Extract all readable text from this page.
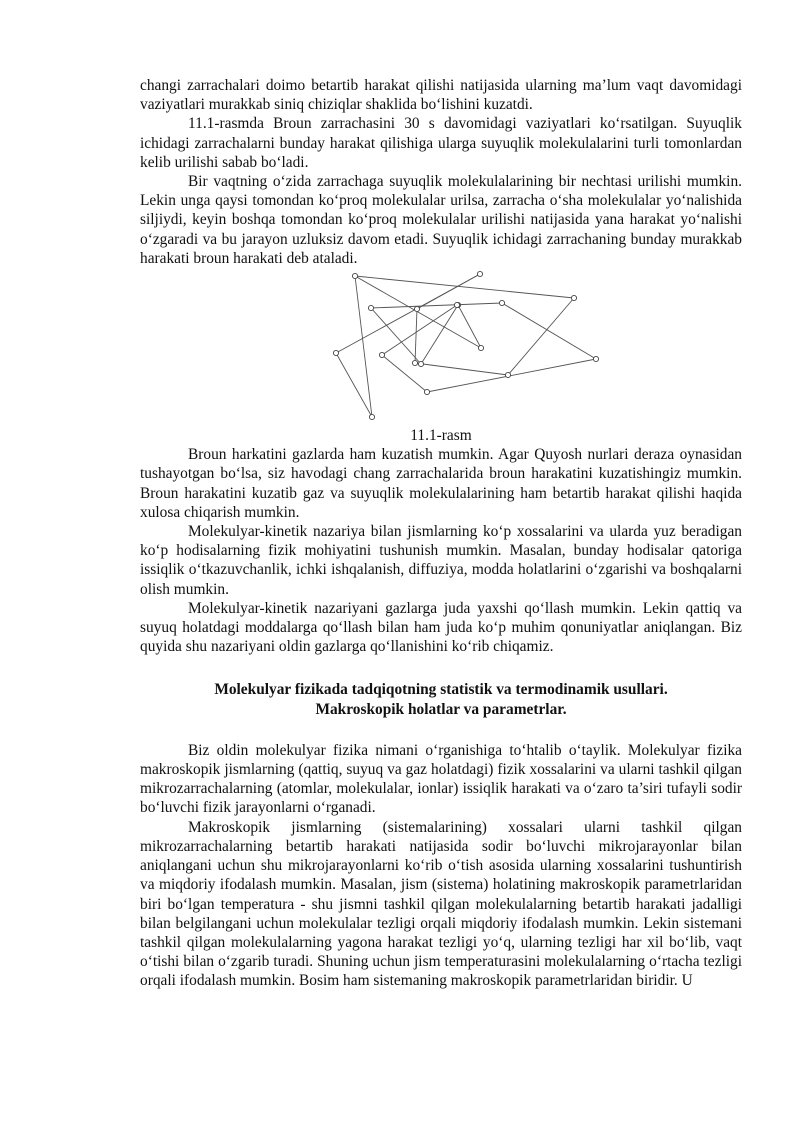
changi zarrachalari doimo betartib harakat qilishi natijasida ularning ma’lum vaqt davomidagi vaziyatlari murakkab siniq chiziqlar shaklida bo‘lishini kuzatdi.

11.1-rasmda Broun zarrachasini 30 s davomidagi vaziyatlari ko‘rsatilgan. Suyuqlik ichidagi zarrachalarni bunday harakat qilishiga ularga suyuqlik molekulalarini turli tomonlardan kelib urilishi sabab bo‘ladi.

Bir vaqtning o‘zida zarrachaga suyuqlik molekulalarining bir nechtasi urilishi mumkin. Lekin unga qaysi tomondan ko‘proq molekulalar urilsa, zarracha o‘sha molekulalar yo‘nalishida siljiydi, keyin boshqa tomondan ko‘proq molekulalar urilishi natijasida yana harakat yo‘nalishi o‘zgaradi va bu jarayon uzluksiz davom etadi. Suyuqlik ichidagi zarrachaning bunday murakkab harakati broun harakati deb ataladi.

11.1-rasm

Broun harkatini gazlarda ham kuzatish mumkin. Agar Quyosh nurlari deraza oynasidan tushayotgan bo‘lsa, siz havodagi chang zarrachalarida broun harakatini kuzatishingiz mumkin. Broun harakatini kuzatib gaz va suyuqlik molekulalarining ham betartib harakat qilishi haqida xulosa chiqarish mumkin.

Molekulyar-kinetik nazariya bilan jismlarning ko‘p xossalarini va ularda yuz beradigan ko‘p hodisalarning fizik mohiyatini tushunish mumkin. Masalan, bunday hodisalar qatoriga issiqlik o‘tkazuvchanlik, ichki ishqalanish, diffuziya, modda holatlarini o‘zgarishi va boshqalarni olish mumkin.

Molekulyar-kinetik nazariyani gazlarga juda yaxshi qo‘llash mumkin. Lekin qattiq va suyuq holatdagi moddalarga qo‘llash bilan ham juda ko‘p muhim qonuniyatlar aniqlangan. Biz quyida shu nazariyani oldin gazlarga qo‘llanishini ko‘rib chiqamiz.

Molekulyar fizikada tadqiqotning statistik va termodinamik usullari.
Makroskopik holatlar va parametrlar.

Biz oldin molekulyar fizika nimani o‘rganishiga to‘htalib o‘taylik. Molekulyar fizika makroskopik jismlarning (qattiq, suyuq va gaz holatdagi) fizik xossalarini va ularni tashkil qilgan mikrozarrachalarning (atomlar, molekulalar, ionlar) issiqlik harakati va o‘zaro ta’siri tufayli sodir bo‘luvchi fizik jarayonlarni o‘rganadi.

Makroskopik jismlarning (sistemalarining) xossalari ularni tashkil qilgan mikrozarrachalarning betartib harakati natijasida sodir bo‘luvchi mikrojarayonlar bilan aniqlangani uchun shu mikrojarayonlarni ko‘rib o‘tish asosida ularning xossalarini tushuntirish va miqdoriy ifodalash mumkin. Masalan, jism (sistema) holatining makroskopik parametrlaridan biri bo‘lgan temperatura - shu jismni tashkil qilgan molekulalarning betartib harakati jadalligi bilan belgilangani uchun molekulalar tezligi orqali miqdoriy ifodalash mumkin. Lekin sistemani tashkil qilgan molekulalarning yagona harakat tezligi yo‘q, ularning tezligi har xil bo‘lib, vaqt o‘tishi bilan o‘zgarib turadi. Shuning uchun jism temperaturasini molekulalarning o‘rtacha tezligi orqali ifodalash mumkin. Bosim ham sistemaning makroskopik parametrlaridan biridir. U
